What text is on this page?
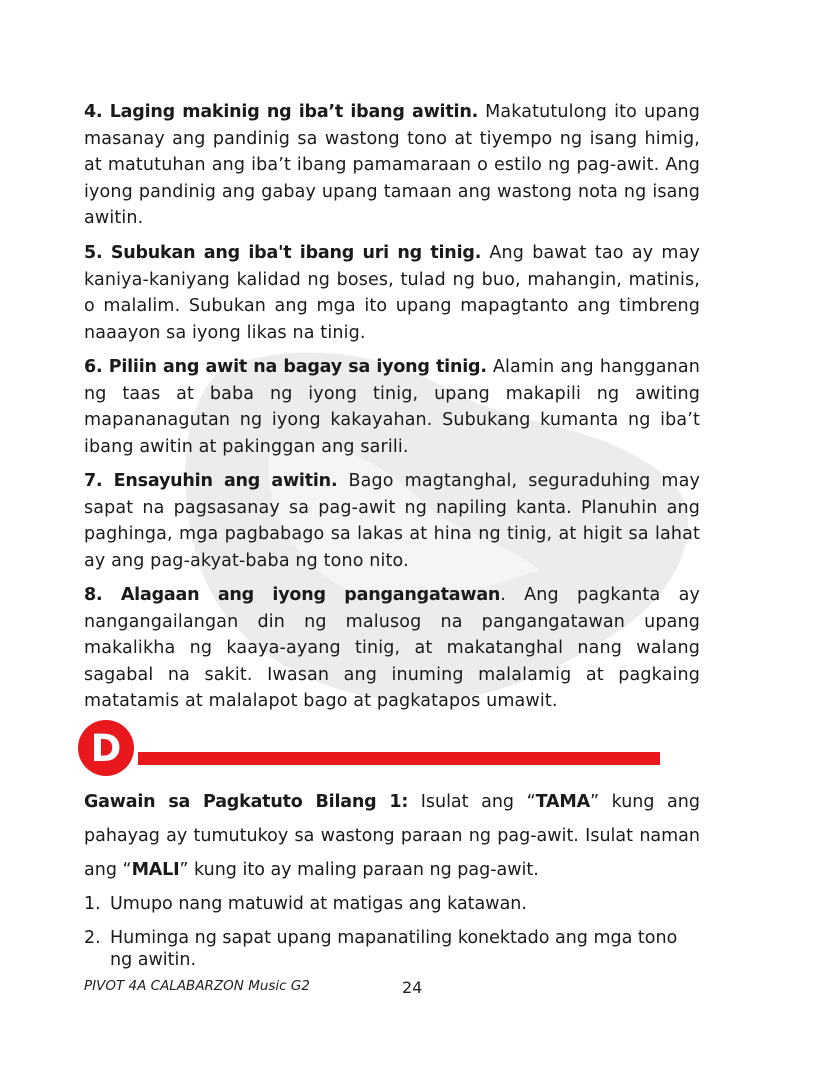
4. Laging makinig ng iba’t ibang awitin. Makatutulong ito upang masanay ang pandinig sa wastong tono at tiyempo ng isang himig, at matutuhan ang iba’t ibang pamamaraan o estilo ng pag-awit. Ang iyong pandinig ang gabay upang tamaan ang wastong nota ng isang awitin.

5. Subukan ang iba't ibang uri ng tinig. Ang bawat tao ay may kaniya-kaniyang kalidad ng boses, tulad ng buo, mahangin, matinis, o malalim. Subukan ang mga ito upang mapagtanto ang timbreng naaayon sa iyong likas na tinig.

6. Piliin ang awit na bagay sa iyong tinig. Alamin ang hangganan ng taas at baba ng iyong tinig, upang makapili ng awiting mapananagutan ng iyong kakayahan. Subukang kumanta ng iba’t ibang awitin at pakinggan ang sarili.

7. Ensayuhin ang awitin. Bago magtanghal, seguraduhing may sapat na pagsasanay sa pag-awit ng napiling kanta. Planuhin ang paghinga, mga pagbabago sa lakas at hina ng tinig, at higit sa lahat ay ang pag-akyat-baba ng tono nito.

8. Alagaan ang iyong pangangatawan. Ang pagkanta ay nangangailangan din ng malusog na pangangatawan upang makalikha ng kaaya-ayang tinig, at makatanghal nang walang sagabal na sakit. Iwasan ang inuming malalamig at pagkaing matatamis at malalapot bago at pagkatapos umawit.

D

Gawain sa Pagkatuto Bilang 1: Isulat ang “TAMA” kung ang pahayag ay tumutukoy sa wastong paraan ng pag-awit. Isulat naman ang “MALI” kung ito ay maling paraan ng pag-awit.

1. Umupo nang matuwid at matigas ang katawan.
2. Huminga ng sapat upang mapanatiling konektado ang mga tono ng awitin.
PIVOT 4A CALABARZON Music G2	24
